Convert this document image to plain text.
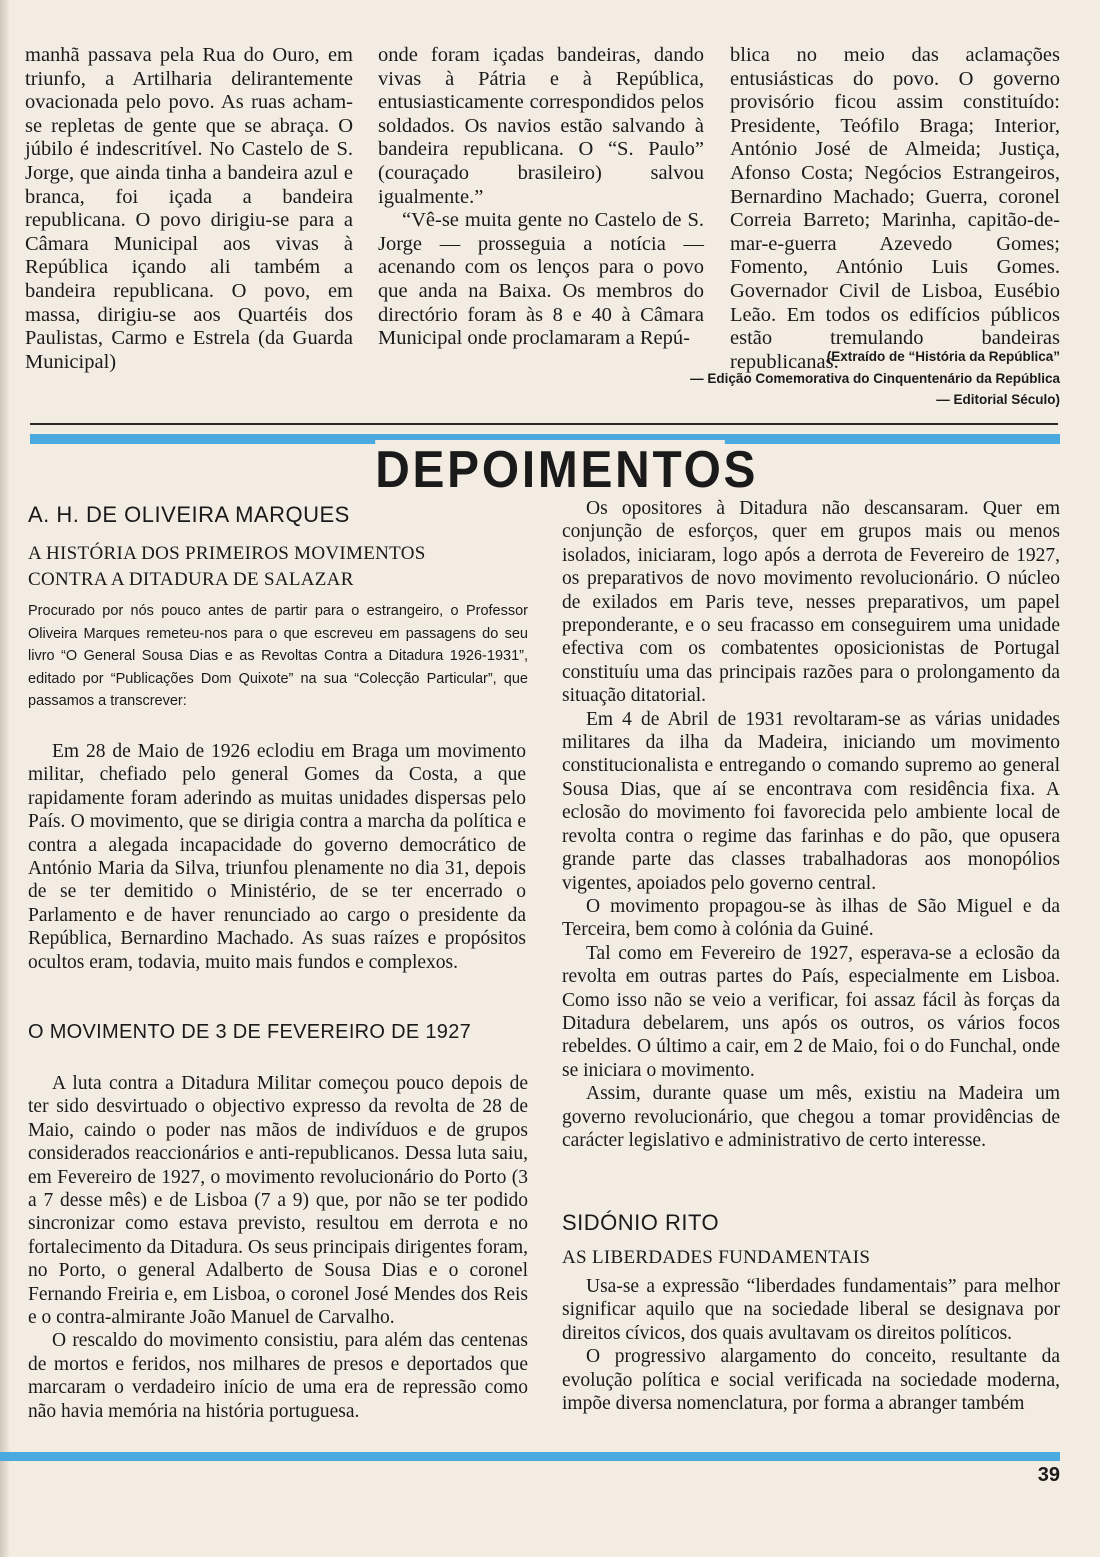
manhã passava pela Rua do Ouro, em triunfo, a Artilharia delirantemente ovacionada pelo povo. As ruas acham-se repletas de gente que se abraça. O júbilo é indescritível. No Castelo de S. Jorge, que ainda tinha a bandeira azul e branca, foi içada a bandeira republicana. O povo dirigiu-se para a Câmara Municipal aos vivas à República içando ali também a bandeira republicana. O povo, em massa, dirigiu-se aos Quartéis dos Paulistas, Carmo e Estrela (da Guarda Municipal)

onde foram içadas bandeiras, dando vivas à Pátria e à República, entusiasticamente correspondidos pelos soldados. Os navios estão salvando à bandeira republicana. O “S. Paulo” (couraçado brasileiro) salvou igualmente.”

“Vê-se muita gente no Castelo de S. Jorge — prosseguia a notícia — acenando com os lenços para o povo que anda na Baixa. Os membros do directório foram às 8 e 40 à Câmara Municipal onde proclamaram a Repú-

blica no meio das aclamações entusiásticas do povo. O governo provisório ficou assim constituído: Presidente, Teófilo Braga; Interior, António José de Almeida; Justiça, Afonso Costa; Negócios Estrangeiros, Bernardino Machado; Guerra, coronel Correia Barreto; Marinha, capitão-de-mar-e-guerra Azevedo Gomes; Fomento, António Luis Gomes. Governador Civil de Lisboa, Eusébio Leão. Em todos os edifícios públicos estão tremulando bandeiras republicanas.

(Extraído de “História da República”
— Edição Comemorativa do Cinquentenário da República
— Editorial Século)
DEPOIMENTOS
A. H. DE OLIVEIRA MARQUES
A HISTÓRIA DOS PRIMEIROS MOVIMENTOS
CONTRA A DITADURA DE SALAZAR
Procurado por nós pouco antes de partir para o estrangeiro, o Professor Oliveira Marques remeteu-nos para o que escreveu em passagens do seu livro “O General Sousa Dias e as Revoltas Contra a Ditadura 1926-1931”, editado por “Publicações Dom Quixote” na sua “Colecção Particular”, que passamos a transcrever:

Em 28 de Maio de 1926 eclodiu em Braga um movimento militar, chefiado pelo general Gomes da Costa, a que rapidamente foram aderindo as muitas unidades dispersas pelo País. O movimento, que se dirigia contra a marcha da política e contra a alegada incapacidade do governo democrático de António Maria da Silva, triunfou plenamente no dia 31, depois de se ter demitido o Ministério, de se ter encerrado o Parlamento e de haver renunciado ao cargo o presidente da República, Bernardino Machado. As suas raízes e propósitos ocultos eram, todavia, muito mais fundos e complexos.

O MOVIMENTO DE 3 DE FEVEREIRO DE 1927

A luta contra a Ditadura Militar começou pouco depois de ter sido desvirtuado o objectivo expresso da revolta de 28 de Maio, caindo o poder nas mãos de indivíduos e de grupos considerados reaccionários e anti-republicanos. Dessa luta saiu, em Fevereiro de 1927, o movimento revolucionário do Porto (3 a 7 desse mês) e de Lisboa (7 a 9) que, por não se ter podido sincronizar como estava previsto, resultou em derrota e no fortalecimento da Ditadura. Os seus principais dirigentes foram, no Porto, o general Adalberto de Sousa Dias e o coronel Fernando Freiria e, em Lisboa, o coronel José Mendes dos Reis e o contra-almirante João Manuel de Carvalho.

O rescaldo do movimento consistiu, para além das centenas de mortos e feridos, nos milhares de presos e deportados que marcaram o verdadeiro início de uma era de repressão como não havia memória na história portuguesa.

Os opositores à Ditadura não descansaram. Quer em conjunção de esforços, quer em grupos mais ou menos isolados, iniciaram, logo após a derrota de Fevereiro de 1927, os preparativos de novo movimento revolucionário. O núcleo de exilados em Paris teve, nesses preparativos, um papel preponderante, e o seu fracasso em conseguirem uma unidade efectiva com os combatentes oposicionistas de Portugal constituíu uma das principais razões para o prolongamento da situação ditatorial.

Em 4 de Abril de 1931 revoltaram-se as várias unidades militares da ilha da Madeira, iniciando um movimento constitucionalista e entregando o comando supremo ao general Sousa Dias, que aí se encontrava com residência fixa. A eclosão do movimento foi favorecida pelo ambiente local de revolta contra o regime das farinhas e do pão, que opusera grande parte das classes trabalhadoras aos monopólios vigentes, apoiados pelo governo central.

O movimento propagou-se às ilhas de São Miguel e da Terceira, bem como à colónia da Guiné.

Tal como em Fevereiro de 1927, esperava-se a eclosão da revolta em outras partes do País, especialmente em Lisboa. Como isso não se veio a verificar, foi assaz fácil às forças da Ditadura debelarem, uns após os outros, os vários focos rebeldes. O último a cair, em 2 de Maio, foi o do Funchal, onde se iniciara o movimento.

Assim, durante quase um mês, existiu na Madeira um governo revolucionário, que chegou a tomar providências de carácter legislativo e administrativo de certo interesse.

SIDÓNIO RITO
AS LIBERDADES FUNDAMENTAIS

Usa-se a expressão “liberdades fundamentais” para melhor significar aquilo que na sociedade liberal se designava por direitos cívicos, dos quais avultavam os direitos políticos.

O progressivo alargamento do conceito, resultante da evolução política e social verificada na sociedade moderna, impõe diversa nomenclatura, por forma a abranger também

39
